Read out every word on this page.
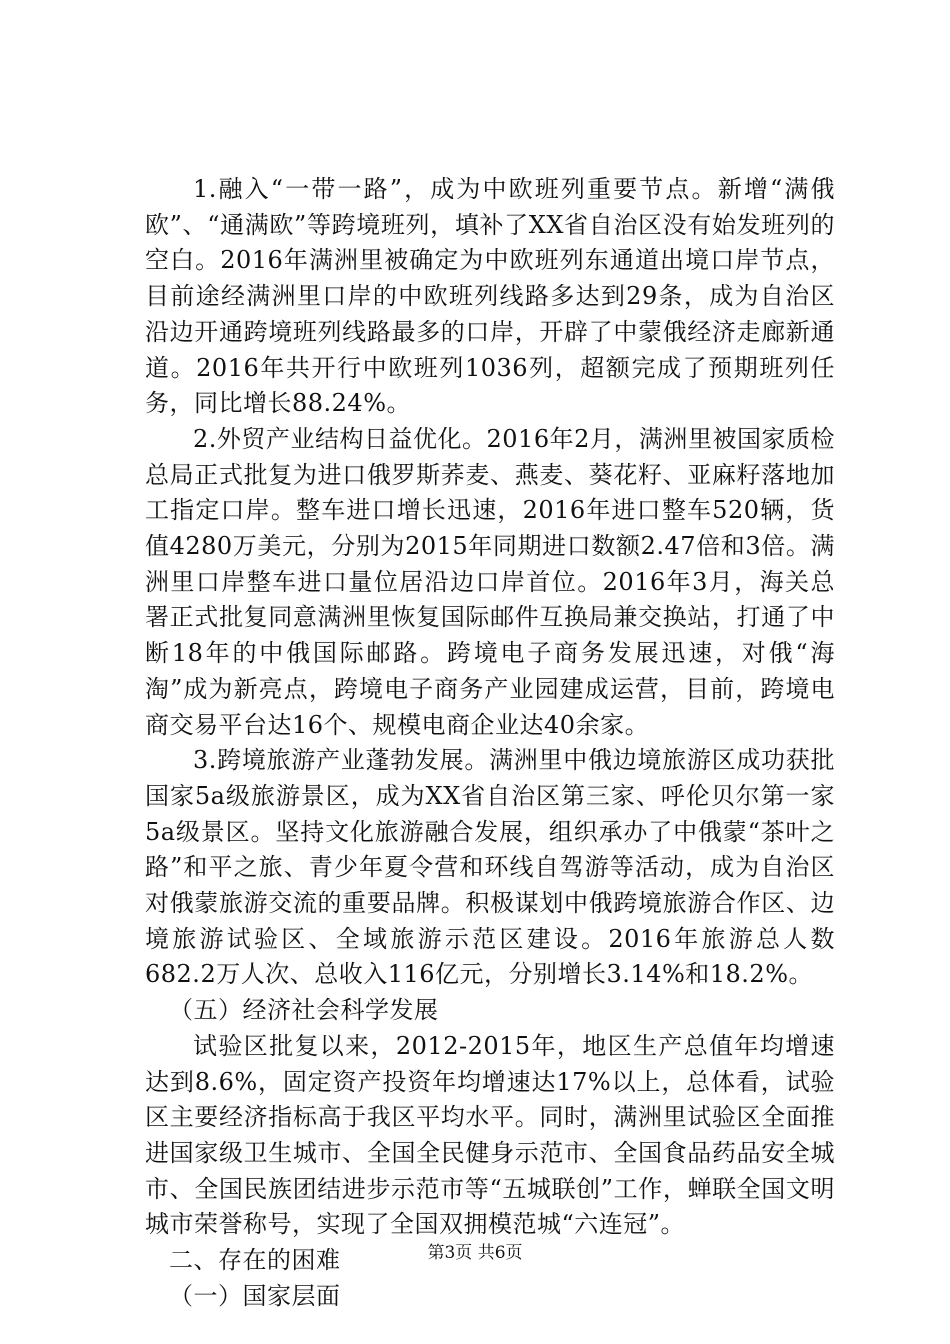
1.融入“一带一路”，成为中欧班列重要节点。新增“满俄欧”、“通满欧”等跨境班列，填补了XX省自治区没有始发班列的空白。2016年满洲里被确定为中欧班列东通道出境口岸节点，目前途经满洲里口岸的中欧班列线路多达到29条，成为自治区沿边开通跨境班列线路最多的口岸，开辟了中蒙俄经济走廊新通道。2016年共开行中欧班列1036列，超额完成了预期班列任务，同比增长88.24%。

2.外贸产业结构日益优化。2016年2月，满洲里被国家质检总局正式批复为进口俄罗斯荞麦、燕麦、葵花籽、亚麻籽落地加工指定口岸。整车进口增长迅速，2016年进口整车520辆，货值4280万美元，分别为2015年同期进口数额2.47倍和3倍。满洲里口岸整车进口量位居沿边口岸首位。2016年3月，海关总署正式批复同意满洲里恢复国际邮件互换局兼交换站，打通了中断18年的中俄国际邮路。跨境电子商务发展迅速，对俄“海淘”成为新亮点，跨境电子商务产业园建成运营，目前，跨境电商交易平台达16个、规模电商企业达40余家。

3.跨境旅游产业蓬勃发展。满洲里中俄边境旅游区成功获批国家5a级旅游景区，成为XX省自治区第三家、呼伦贝尔第一家5a级景区。坚持文化旅游融合发展，组织承办了中俄蒙“茶叶之路”和平之旅、青少年夏令营和环线自驾游等活动，成为自治区对俄蒙旅游交流的重要品牌。积极谋划中俄跨境旅游合作区、边境旅游试验区、全域旅游示范区建设。2016年旅游总人数682.2万人次、总收入116亿元，分别增长3.14%和18.2%。

（五）经济社会科学发展

试验区批复以来，2012-2015年，地区生产总值年均增速达到8.6%，固定资产投资年均增速达17%以上，总体看，试验区主要经济指标高于我区平均水平。同时，满洲里试验区全面推进国家级卫生城市、全国全民健身示范市、全国食品药品安全城市、全国民族团结进步示范市等“五城联创”工作，蝉联全国文明城市荣誉称号，实现了全国双拥模范城“六连冠”。

二、存在的困难

（一）国家层面

第3页 共6页
